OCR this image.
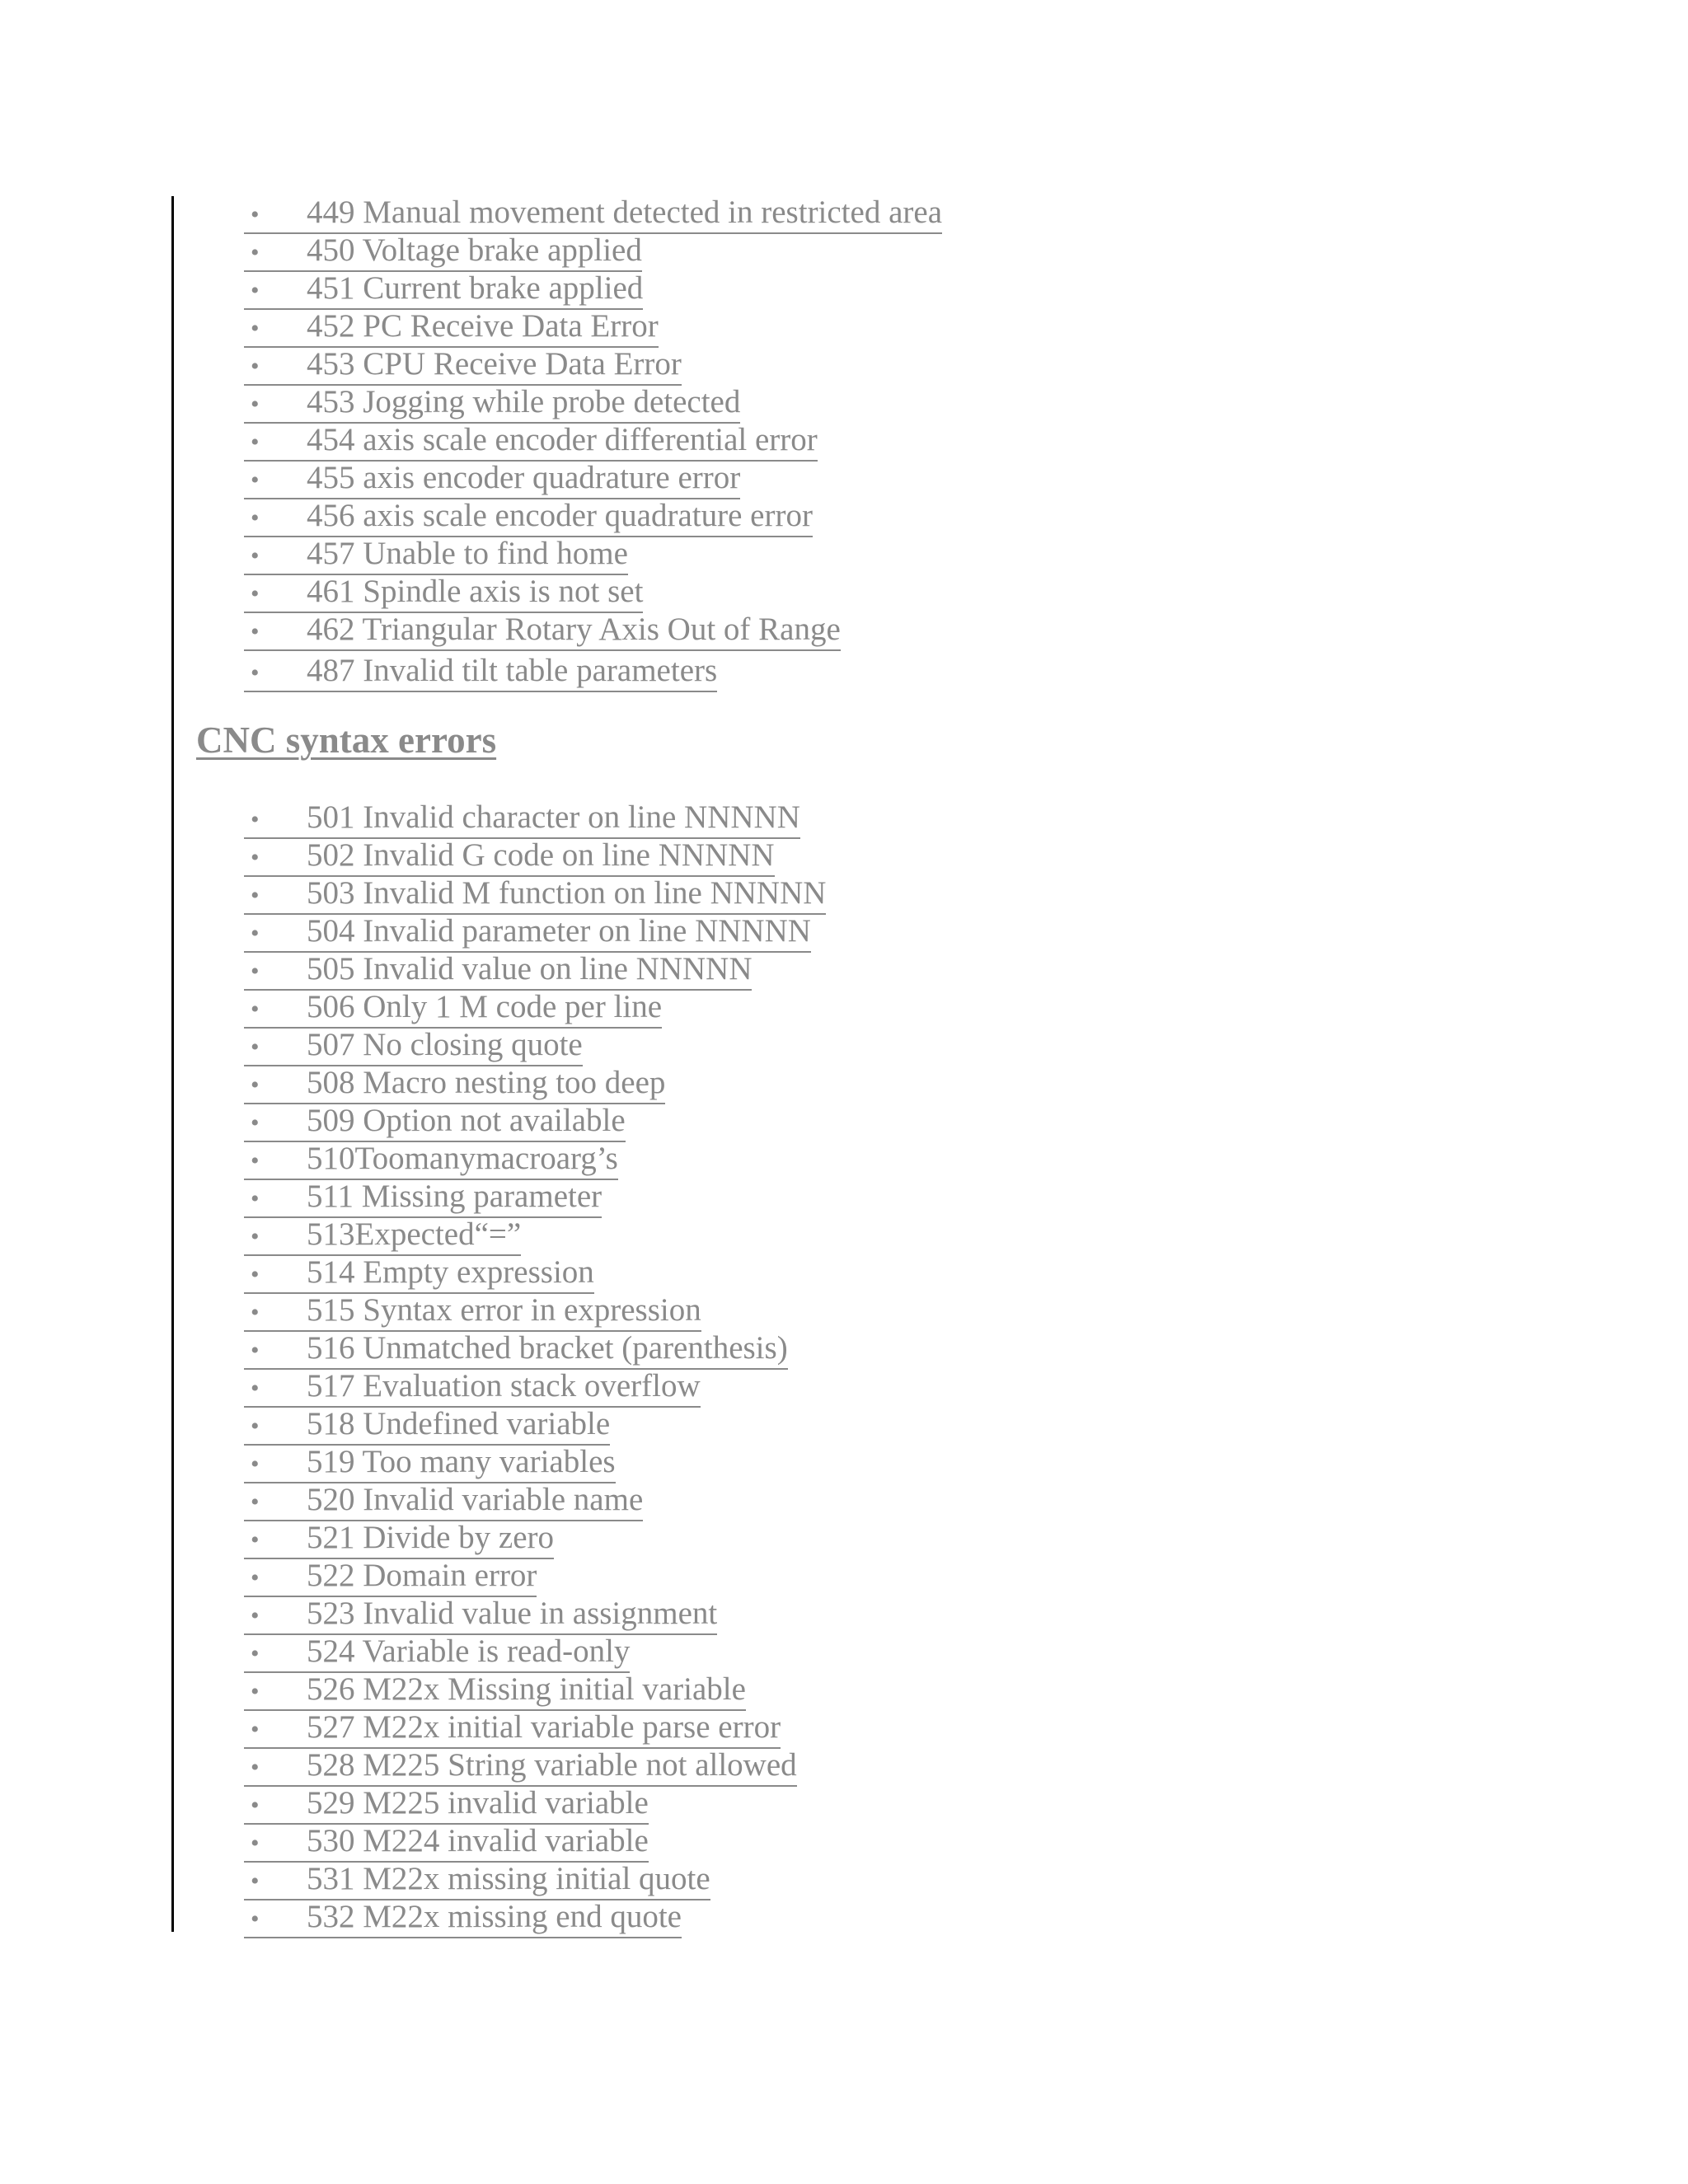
• 449 Manual movement detected in restricted area
• 450 Voltage brake applied
• 451 Current brake applied
• 452 PC Receive Data Error
• 453 CPU Receive Data Error
• 453 Jogging while probe detected
• 454 axis scale encoder differential error
• 455 axis encoder quadrature error
• 456 axis scale encoder quadrature error
• 457 Unable to find home
• 461 Spindle axis is not set
• 462 Triangular Rotary Axis Out of Range
• 487 Invalid tilt table parameters
CNC syntax errors
• 501 Invalid character on line NNNNN
• 502 Invalid G code on line NNNNN
• 503 Invalid M function on line NNNNN
• 504 Invalid parameter on line NNNNN
• 505 Invalid value on line NNNNN
• 506 Only 1 M code per line
• 507 No closing quote
• 508 Macro nesting too deep
• 509 Option not available
• 510Toomanymacroarg’s
• 511 Missing parameter
• 513Expected“=”
• 514 Empty expression
• 515 Syntax error in expression
• 516 Unmatched bracket (parenthesis)
• 517 Evaluation stack overflow
• 518 Undefined variable
• 519 Too many variables
• 520 Invalid variable name
• 521 Divide by zero
• 522 Domain error
• 523 Invalid value in assignment
• 524 Variable is read-only
• 526 M22x Missing initial variable
• 527 M22x initial variable parse error
• 528 M225 String variable not allowed
• 529 M225 invalid variable
• 530 M224 invalid variable
• 531 M22x missing initial quote
• 532 M22x missing end quote
